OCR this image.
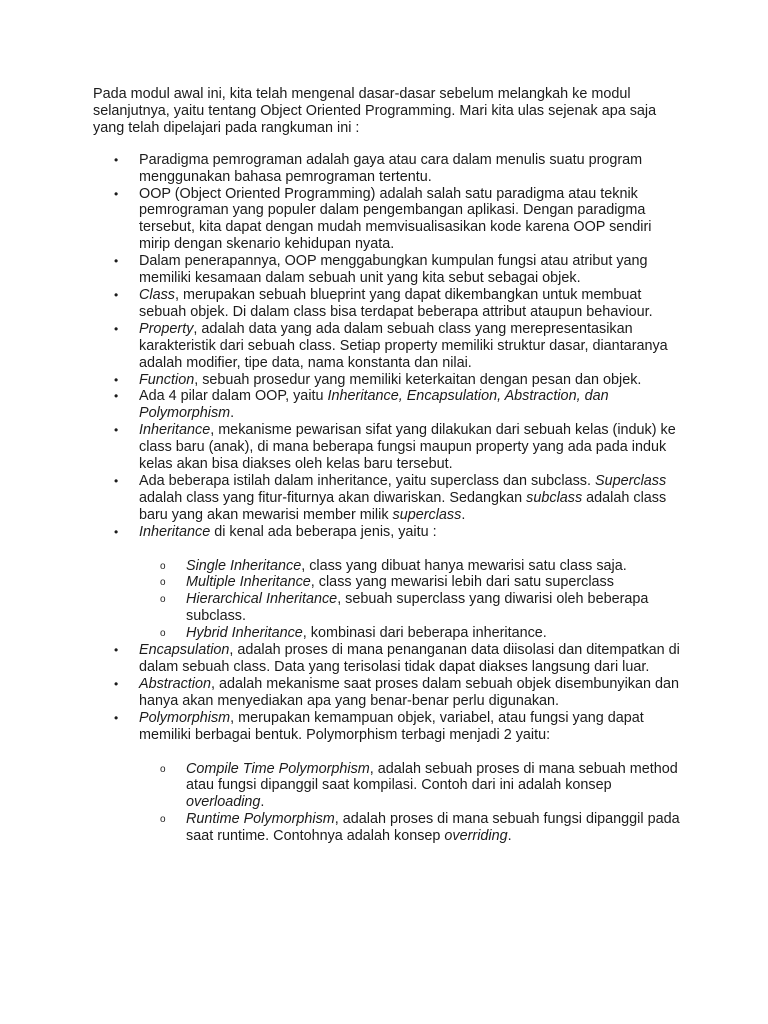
Pada modul awal ini, kita telah mengenal dasar-dasar sebelum melangkah ke modul selanjutnya, yaitu tentang Object Oriented Programming. Mari kita ulas sejenak apa saja yang telah dipelajari pada rangkuman ini :

• Paradigma pemrograman adalah gaya atau cara dalam menulis suatu program menggunakan bahasa pemrograman tertentu.
• OOP (Object Oriented Programming) adalah salah satu paradigma atau teknik pemrograman yang populer dalam pengembangan aplikasi. Dengan paradigma tersebut, kita dapat dengan mudah memvisualisasikan kode karena OOP sendiri mirip dengan skenario kehidupan nyata.
• Dalam penerapannya, OOP menggabungkan kumpulan fungsi atau atribut yang memiliki kesamaan dalam sebuah unit yang kita sebut sebagai objek.
• Class, merupakan sebuah blueprint yang dapat dikembangkan untuk membuat sebuah objek. Di dalam class bisa terdapat beberapa attribut ataupun behaviour.
• Property, adalah data yang ada dalam sebuah class yang merepresentasikan karakteristik dari sebuah class. Setiap property memiliki struktur dasar, diantaranya adalah modifier, tipe data, nama konstanta dan nilai.
• Function, sebuah prosedur yang memiliki keterkaitan dengan pesan dan objek.
• Ada 4 pilar dalam OOP, yaitu Inheritance, Encapsulation, Abstraction, dan Polymorphism.
• Inheritance, mekanisme pewarisan sifat yang dilakukan dari sebuah kelas (induk) ke class baru (anak), di mana beberapa fungsi maupun property yang ada pada induk kelas akan bisa diakses oleh kelas baru tersebut.
• Ada beberapa istilah dalam inheritance, yaitu superclass dan subclass. Superclass adalah class yang fitur-fiturnya akan diwariskan. Sedangkan subclass adalah class baru yang akan mewarisi member milik superclass.
• Inheritance di kenal ada beberapa jenis, yaitu :
o Single Inheritance, class yang dibuat hanya mewarisi satu class saja.
o Multiple Inheritance, class yang mewarisi lebih dari satu superclass
o Hierarchical Inheritance, sebuah superclass yang diwarisi oleh beberapa subclass.
o Hybrid Inheritance, kombinasi dari beberapa inheritance.
• Encapsulation, adalah proses di mana penanganan data diisolasi dan ditempatkan di dalam sebuah class. Data yang terisolasi tidak dapat diakses langsung dari luar.
• Abstraction, adalah mekanisme saat proses dalam sebuah objek disembunyikan dan hanya akan menyediakan apa yang benar-benar perlu digunakan.
• Polymorphism, merupakan kemampuan objek, variabel, atau fungsi yang dapat memiliki berbagai bentuk. Polymorphism terbagi menjadi 2 yaitu:
o Compile Time Polymorphism, adalah sebuah proses di mana sebuah method atau fungsi dipanggil saat kompilasi. Contoh dari ini adalah konsep overloading.
o Runtime Polymorphism, adalah proses di mana sebuah fungsi dipanggil pada saat runtime. Contohnya adalah konsep overriding.
